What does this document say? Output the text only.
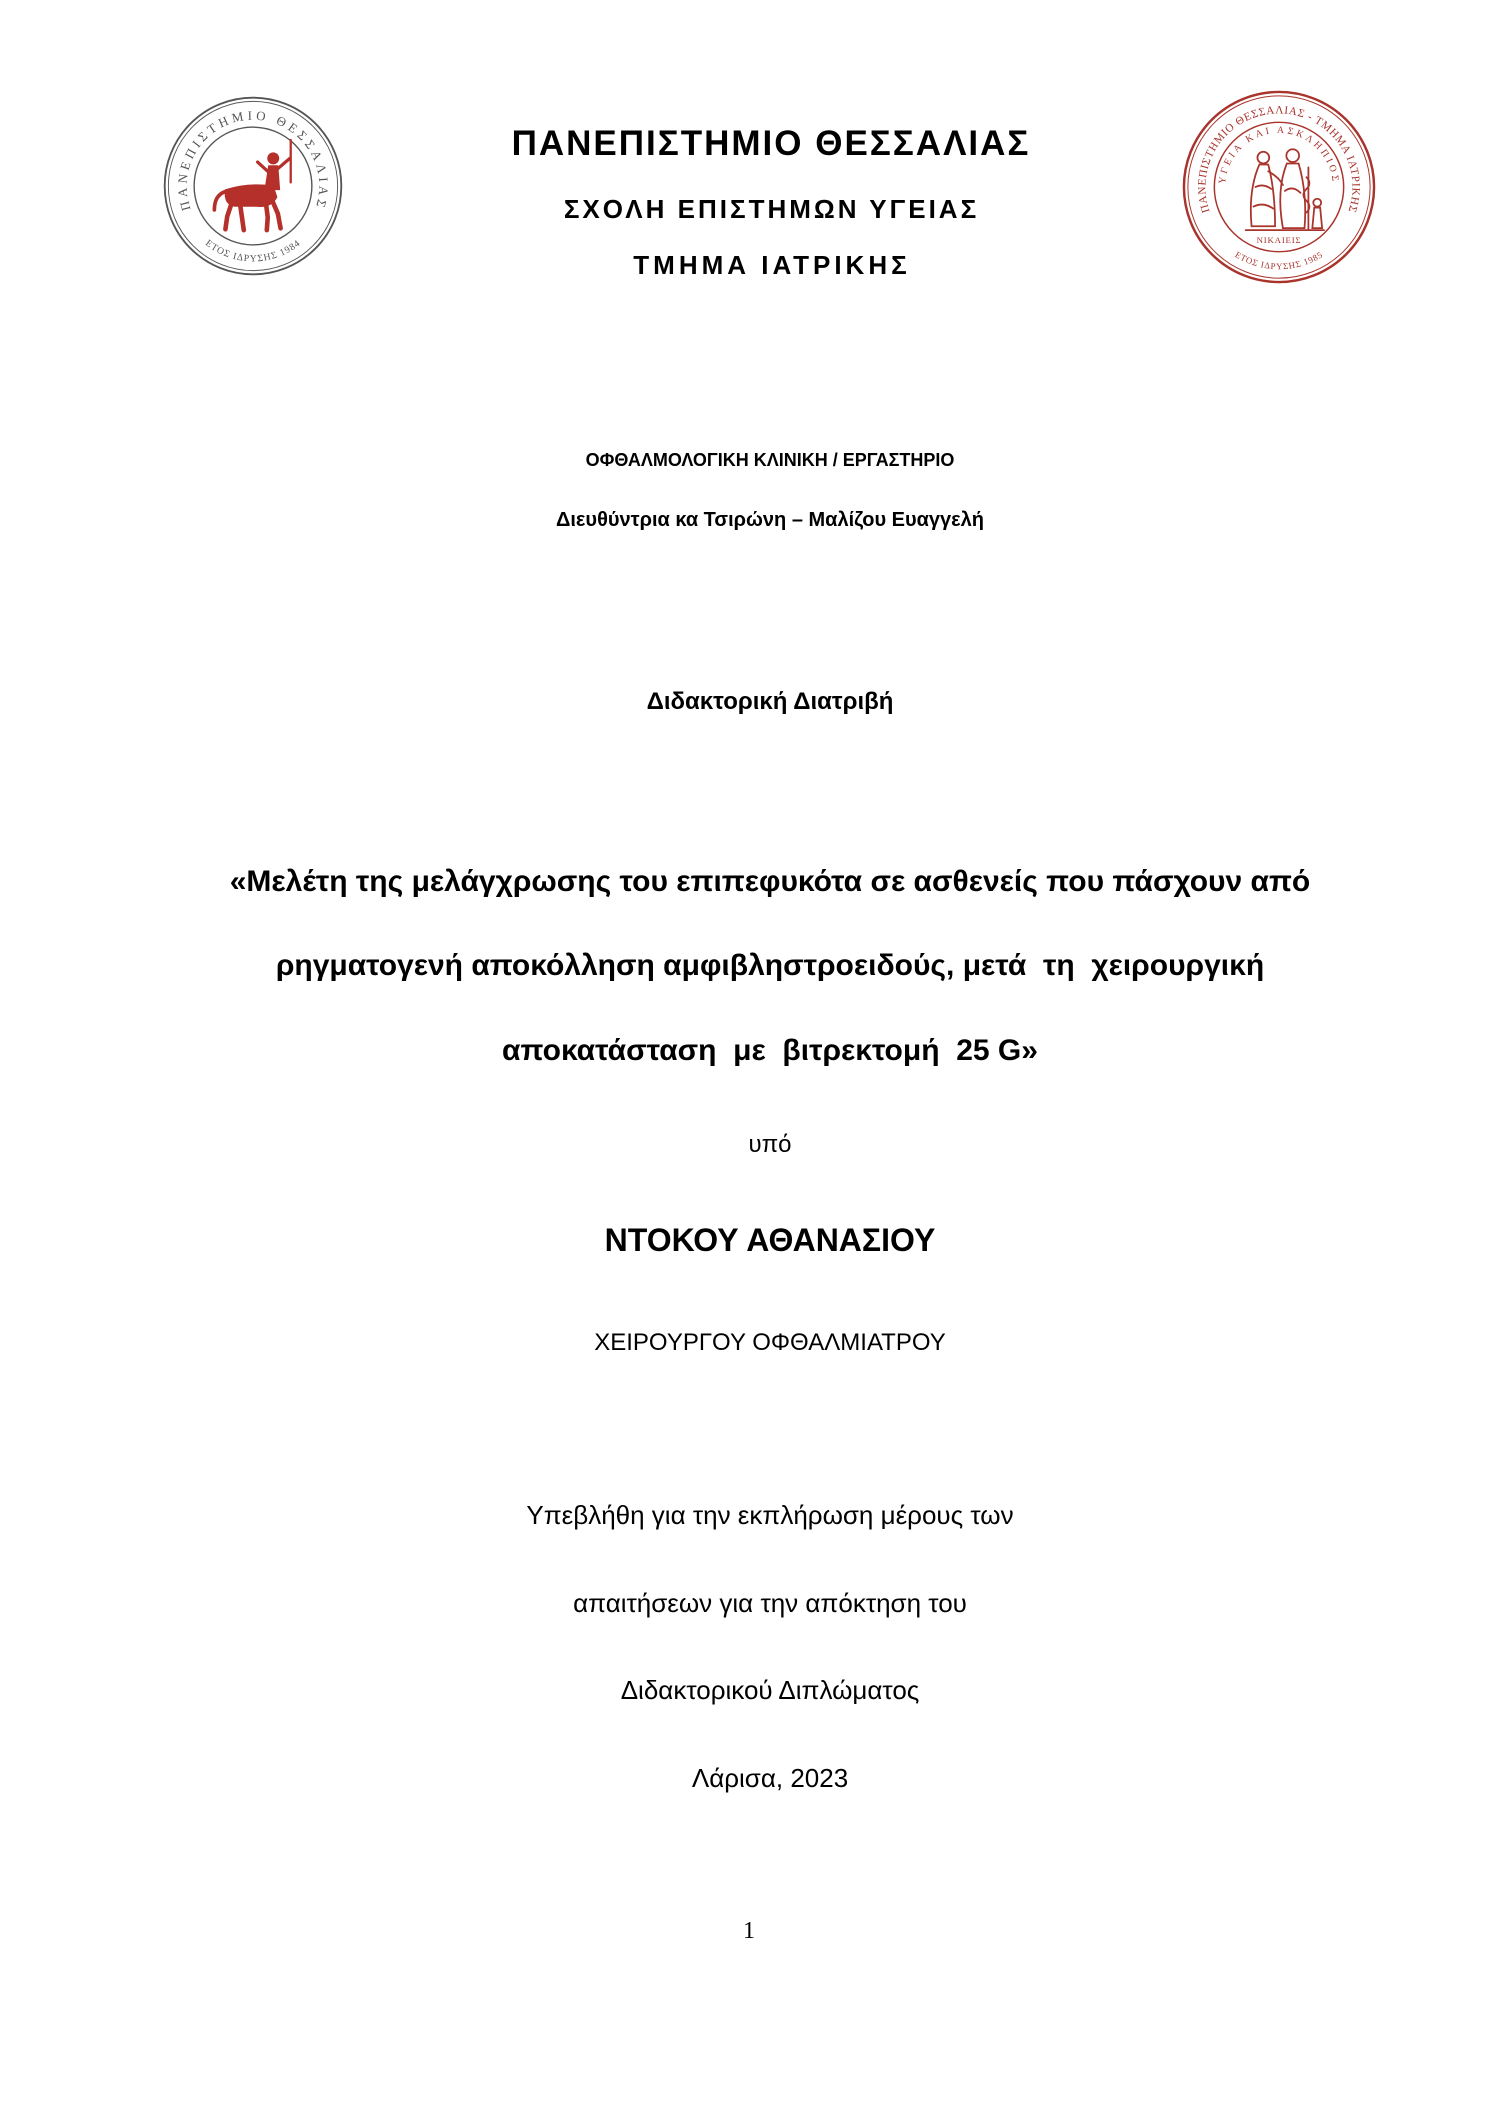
ΠΑΝΕΠΙΣΤΗΜΙΟ ΘΕΣΣΑΛΙΑΣ
ΕΤΟΣ ΙΔΡΥΣΗΣ 1984
ΠΑΝΕΠΙΣΤΗΜΙΟ ΘΕΣΣΑΛΙΑΣ - ΤΜΗΜΑ ΙΑΤΡΙΚΗΣ
ΕΤΟΣ ΙΔΡΥΣΗΣ 1985
ΥΓΕΙΑ ΚΑΙ ΑΣΚΛΗΠΙΟΣ
ΝΙΚΑΙΕΙΣ

ΠΑΝΕΠΙΣΤΗΜΙΟ ΘΕΣΣΑΛΙΑΣ

ΣΧΟΛΗ ΕΠΙΣΤΗΜΩΝ ΥΓΕΙΑΣ

ΤΜΗΜΑ ΙΑΤΡΙΚΗΣ

ΟΦΘΑΛΜΟΛΟΓΙΚΗ ΚΛΙΝΙΚΗ / ΕΡΓΑΣΤΗΡΙΟ

Διευθύντρια κα Τσιρώνη – Μαλίζου Ευαγγελή

Διδακτορική Διατριβή

«Μελέτη της μελάγχρωσης του επιπεφυκότα σε ασθενείς που πάσχουν από

ρηγματογενή αποκόλληση αμφιβληστροειδούς, μετά  τη  χειρουργική

αποκατάσταση  με  βιτρεκτομή  25 G»

υπό

ΝΤΟΚΟΥ ΑΘΑΝΑΣΙΟΥ

ΧΕΙΡΟΥΡΓΟΥ ΟΦΘΑΛΜΙΑΤΡΟΥ

Υπεβλήθη για την εκπλήρωση μέρους των

απαιτήσεων για την απόκτηση του

Διδακτορικού Διπλώματος

Λάρισα, 2023

1
